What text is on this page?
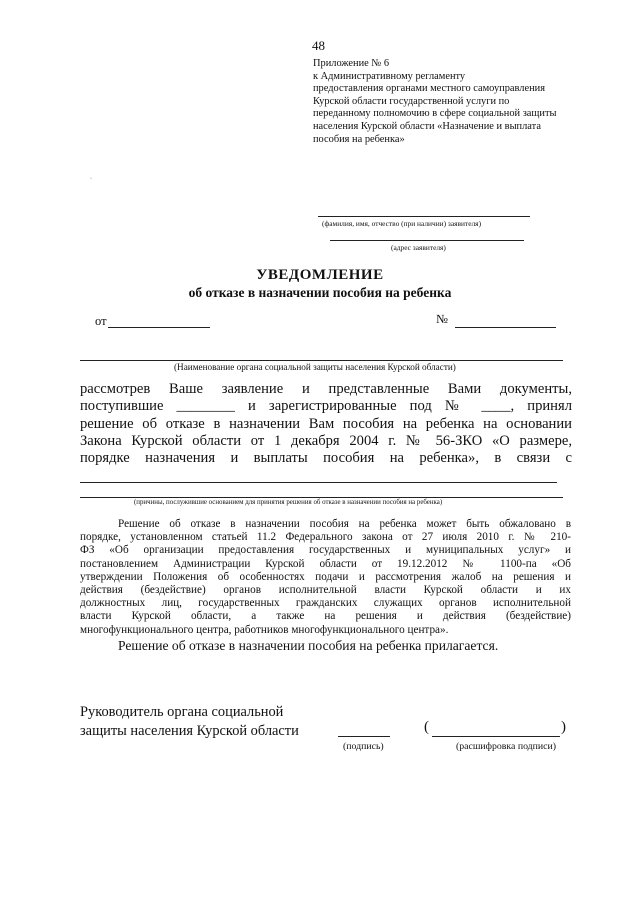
48
Приложение № 6
к Административному регламенту
предоставления органами местного самоуправления
Курской области государственной услуги по
переданному полномочию в сфере социальной защиты
населения Курской области «Назначение и выплата
пособия на ребенка»
·
(фамилия, имя, отчество (при наличии) заявителя)
(адрес заявителя)
УВЕДОМЛЕНИЕ
об отказе в назначении пособия на ребенка
от	№
(Наименование органа социальной защиты населения Курской области)
рассмотрев Ваше заявление и представленные Вами документы,
поступившие ________ и зарегистрированные под № ____, принял
решение об отказе в назначении Вам пособия на ребенка на основании
Закона Курской области от 1 декабря 2004 г. № 56-ЗКО «О размере,
порядке назначения и выплаты пособия на ребенка», в связи с
(причины, послужившие основанием для принятия решения об отказе в назначении пособия на ребенка)
Решение об отказе в назначении пособия на ребенка может быть обжаловано в
порядке, установленном статьей 11.2 Федерального закона от 27 июля 2010 г. № 210-
ФЗ «Об организации предоставления государственных и муниципальных услуг» и
постановлением Администрации Курской области от 19.12.2012 № 1100-па «Об
утверждении Положения об особенностях подачи и рассмотрения жалоб на решения и
действия (бездействие) органов исполнительной власти Курской области и их
должностных лиц, государственных гражданских служащих органов исполнительной
власти Курской области, а также на решения и действия (бездействие)
многофункционального центра, работников многофункционального центра».
Решение об отказе в назначении пособия на ребенка прилагается.
Руководитель органа социальной
защиты населения Курской области
(подпись)
(	)
(расшифровка подписи)
